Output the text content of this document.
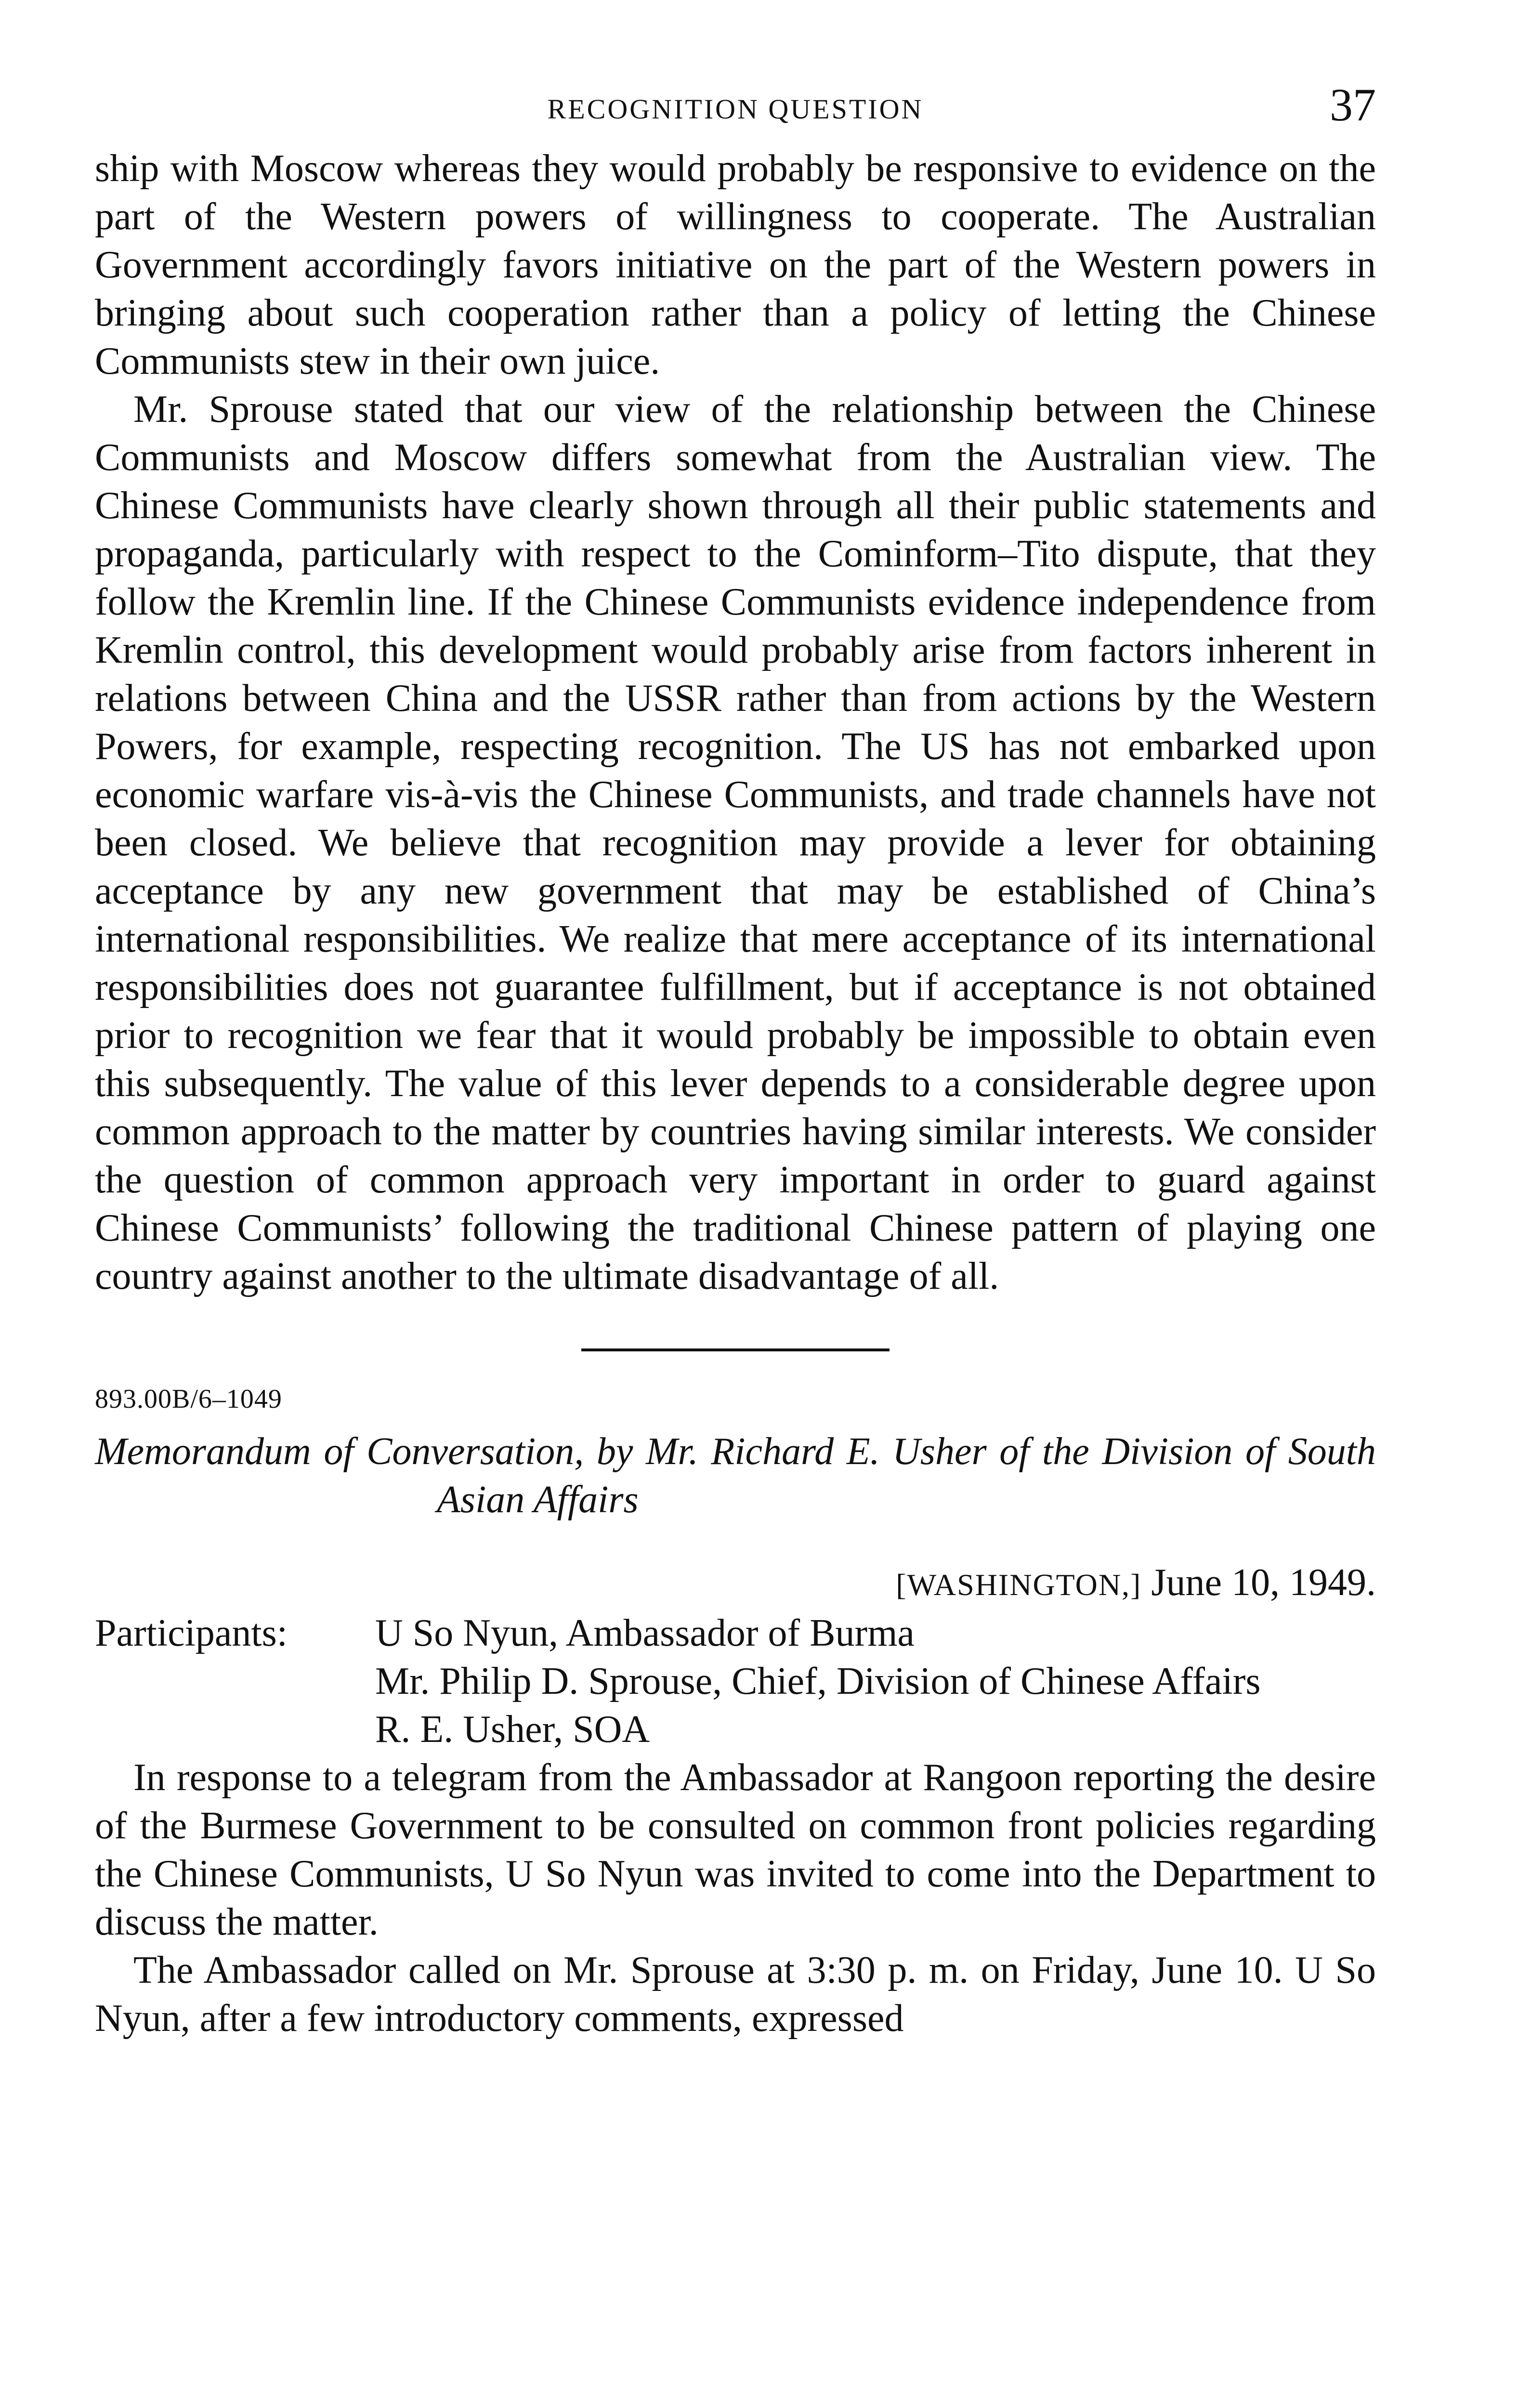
RECOGNITION QUESTION	37

ship with Moscow whereas they would probably be responsive to evidence on the part of the Western powers of willingness to cooperate. The Australian Government accordingly favors initiative on the part of the Western powers in bringing about such cooperation rather than a policy of letting the Chinese Communists stew in their own juice.

Mr. Sprouse stated that our view of the relationship between the Chinese Communists and Moscow differs somewhat from the Australian view. The Chinese Communists have clearly shown through all their public statements and propaganda, particularly with respect to the Cominform–Tito dispute, that they follow the Kremlin line. If the Chinese Communists evidence independence from Kremlin control, this development would probably arise from factors inherent in relations between China and the USSR rather than from actions by the Western Powers, for example, respecting recognition. The US has not embarked upon economic warfare vis-à-vis the Chinese Communists, and trade channels have not been closed. We believe that recognition may provide a lever for obtaining acceptance by any new government that may be established of China’s international responsibilities. We realize that mere acceptance of its international responsibilities does not guarantee fulfillment, but if acceptance is not obtained prior to recognition we fear that it would probably be impossible to obtain even this subsequently. The value of this lever depends to a considerable degree upon common approach to the matter by countries having similar interests. We consider the question of common approach very important in order to guard against Chinese Communists’ following the traditional Chinese pattern of playing one country against another to the ultimate disadvantage of all.

893.00B/6–1049
Memorandum of Conversation, by Mr. Richard E. Usher of the Division of South Asian Affairs
[WASHINGTON,] June 10, 1949.
Participants: U So Nyun, Ambassador of Burma
Mr. Philip D. Sprouse, Chief, Division of Chinese Affairs
R. E. Usher, SOA

In response to a telegram from the Ambassador at Rangoon reporting the desire of the Burmese Government to be consulted on common front policies regarding the Chinese Communists, U So Nyun was invited to come into the Department to discuss the matter.

The Ambassador called on Mr. Sprouse at 3:30 p. m. on Friday, June 10. U So Nyun, after a few introductory comments, expressed
